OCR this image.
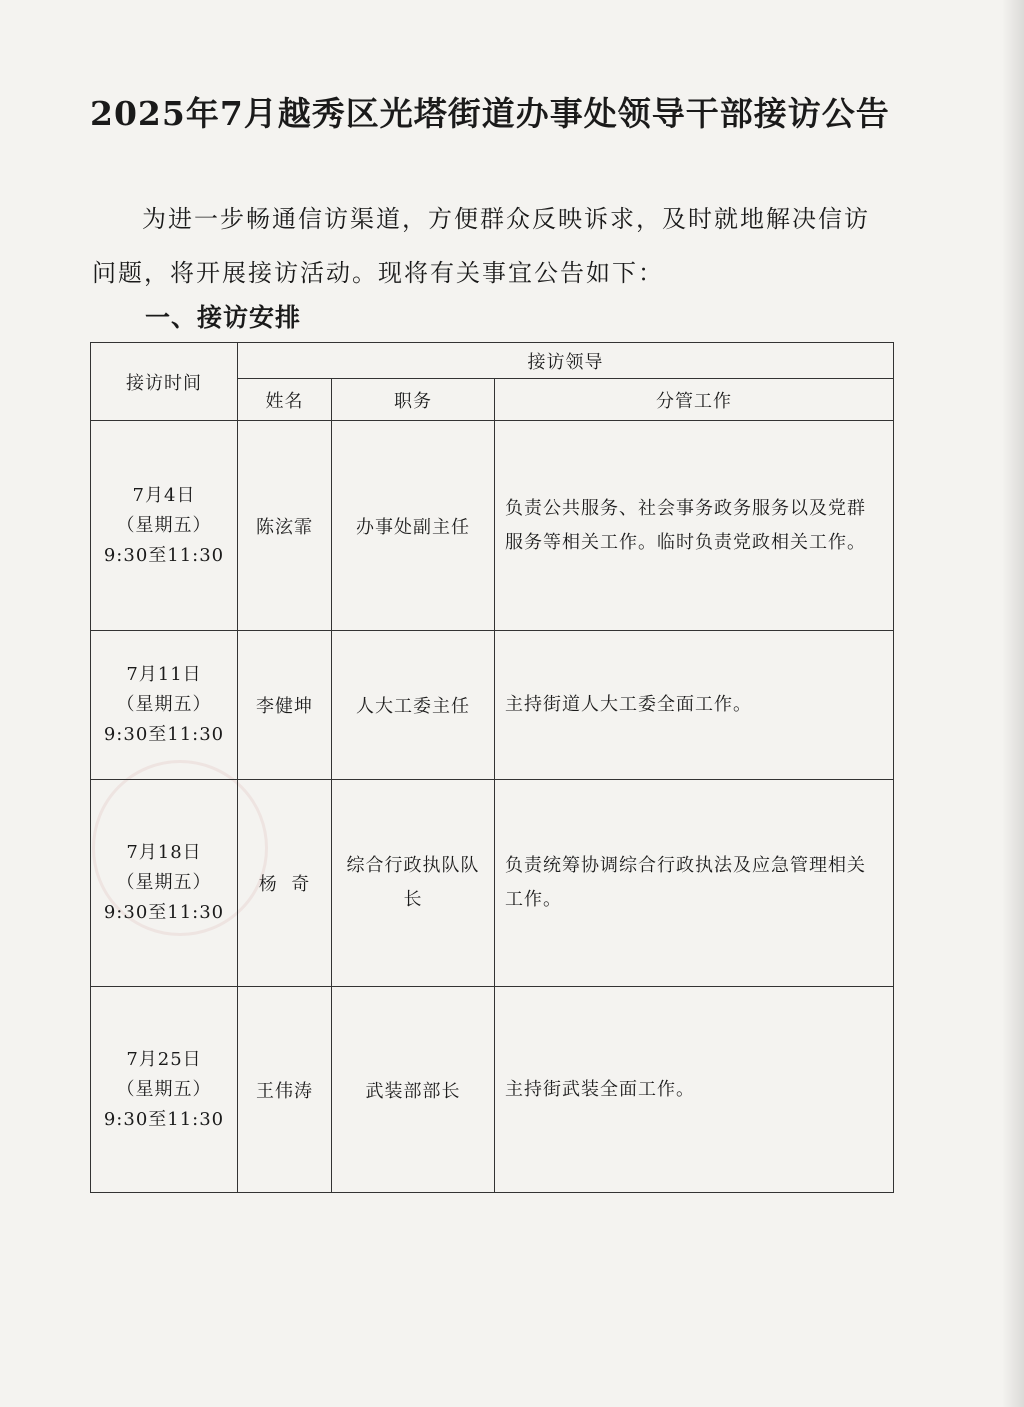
2025年7月越秀区光塔街道办事处领导干部接访公告
为进一步畅通信访渠道，方便群众反映诉求，及时就地解决信访问题，将开展接访活动。现将有关事宜公告如下：
一、接访安排
接访时间	接访领导		
	姓名	职务	分管工作

7月4日
（星期五）
9:30至11:30	陈泫霏	办事处副主任	负责公共服务、社会事务政务服务以及党群服务等相关工作。临时负责党政相关工作。

7月11日
（星期五）
9:30至11:30	李健坤	人大工委主任	主持街道人大工委全面工作。

7月18日
（星期五）
9:30至11:30	杨  奇	综合行政执队队长	负责统筹协调综合行政执法及应急管理相关工作。

7月25日
（星期五）
9:30至11:30	王伟涛	武装部部长	主持街武装全面工作。
